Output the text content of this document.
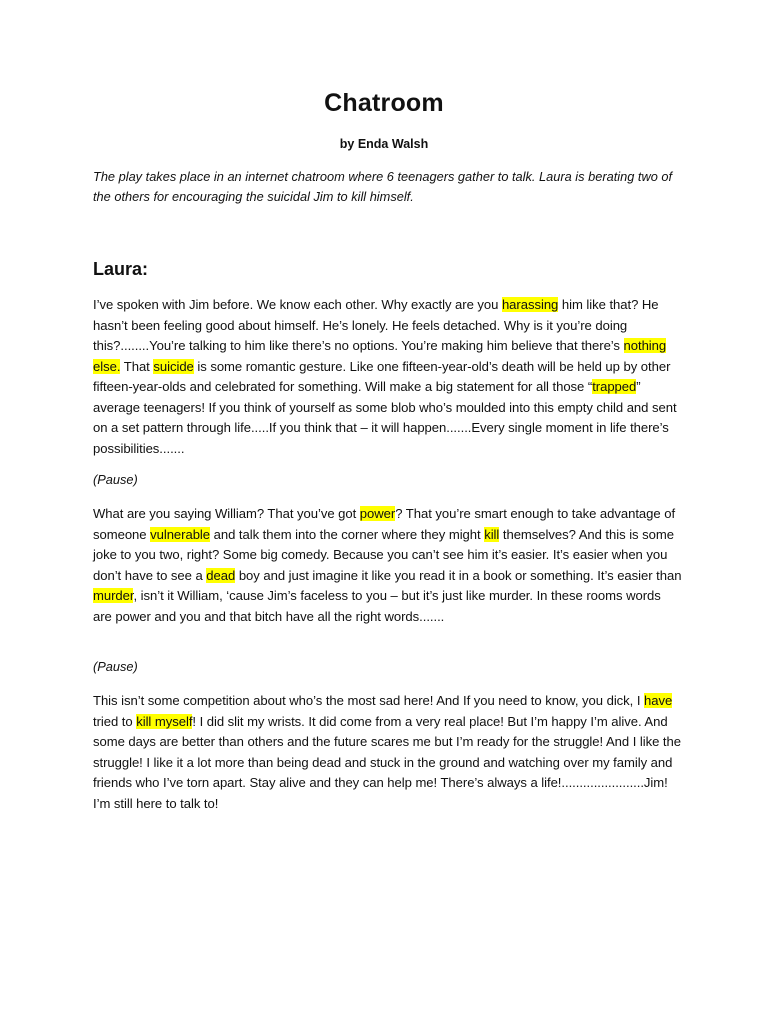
Chatroom
by Enda Walsh

The play takes place in an internet chatroom where 6 teenagers gather to talk. Laura is berating two of the others for encouraging the suicidal Jim to kill himself.

Laura:

I’ve spoken with Jim before. We know each other. Why exactly are you harassing him like that? He hasn’t been feeling good about himself. He’s lonely. He feels detached. Why is it you’re doing this?........You’re talking to him like there’s no options. You’re making him believe that there’s nothing else. That suicide is some romantic gesture. Like one fifteen-year-old’s death will be held up by other fifteen-year-olds and celebrated for something. Will make a big statement for all those “trapped” average teenagers! If you think of yourself as some blob who’s moulded into this empty child and sent on a set pattern through life.....If you think that – it will happen.......Every single moment in life there’s possibilities.......

(Pause)

What are you saying William? That you’ve got power? That you’re smart enough to take advantage of someone vulnerable and talk them into the corner where they might kill themselves? And this is some joke to you two, right? Some big comedy. Because you can’t see him it’s easier. It’s easier when you don’t have to see a dead boy and just imagine it like you read it in a book or something. It’s easier than murder, isn’t it William, ‘cause Jim’s faceless to you – but it’s just like murder. In these rooms words are power and you and that bitch have all the right words.......

(Pause)

This isn’t some competition about who’s the most sad here! And If you need to know, you dick, I have tried to kill myself! I did slit my wrists. It did come from a very real place! But I’m happy I’m alive. And some days are better than others and the future scares me but I’m ready for the struggle! And I like the struggle! I like it a lot more than being dead and stuck in the ground and watching over my family and friends who I’ve torn apart. Stay alive and they can help me! There’s always a life!.......................Jim! I’m still here to talk to!
